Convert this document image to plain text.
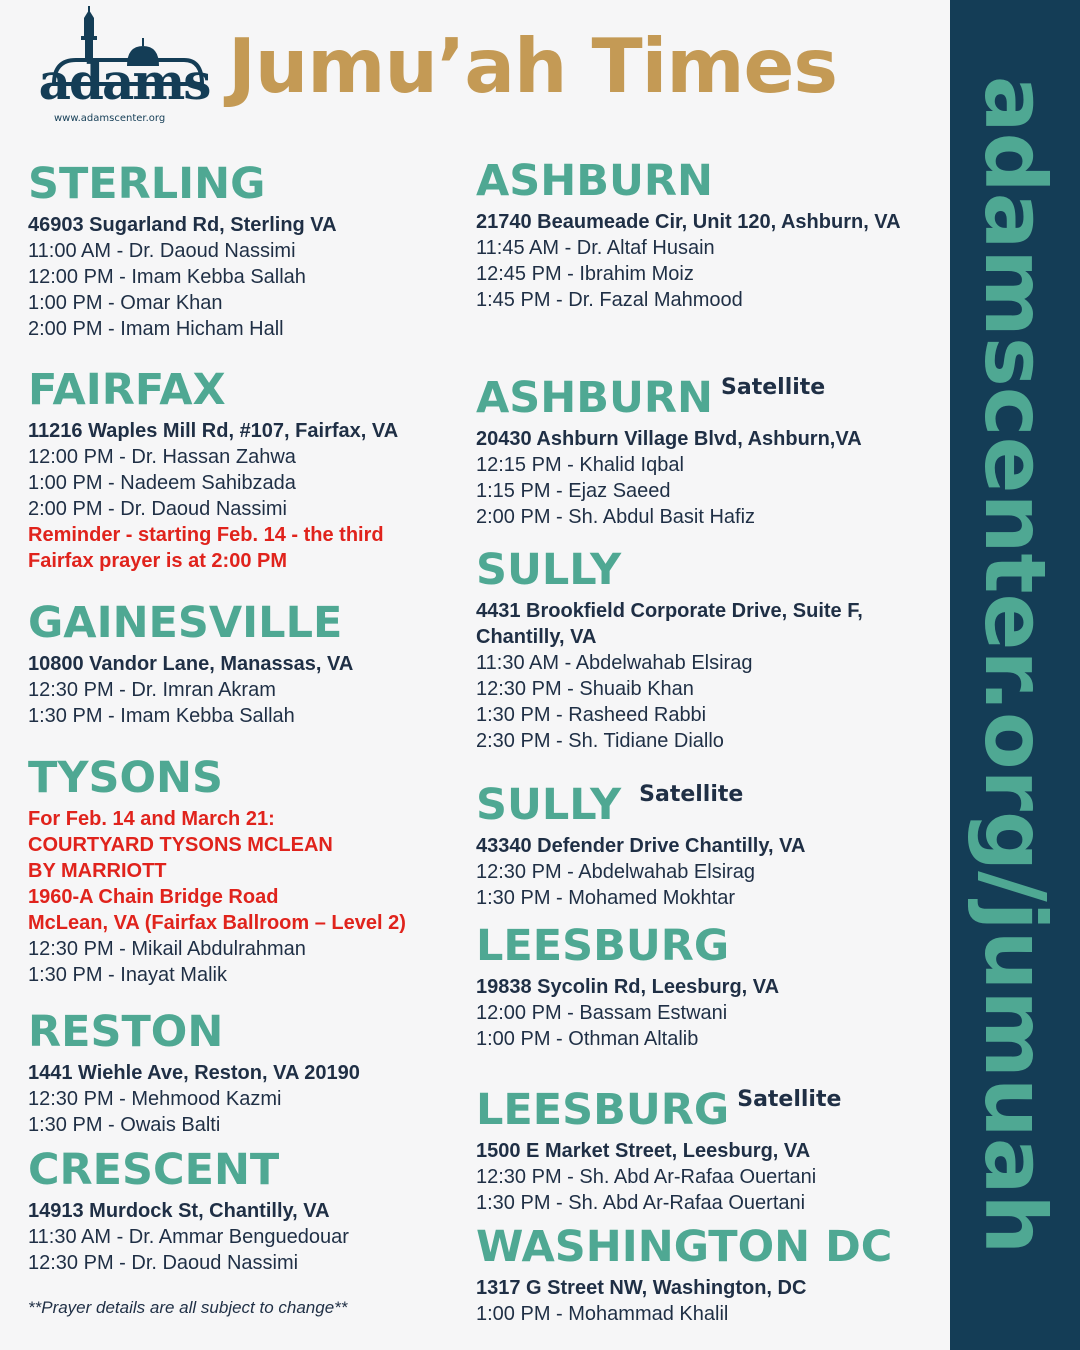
adamscenter.org/jumuah
adams
www.adamscenter.org
Jumu’ah Times
STERLING
46903 Sugarland Rd, Sterling VA
11:00 AM - Dr. Daoud Nassimi
12:00 PM - Imam Kebba Sallah
1:00 PM - Omar Khan
2:00 PM - Imam Hicham Hall
FAIRFAX
11216 Waples Mill Rd, #107, Fairfax, VA
12:00 PM - Dr. Hassan Zahwa
1:00 PM - Nadeem Sahibzada
2:00 PM - Dr. Daoud Nassimi
Reminder - starting Feb. 14 - the third
Fairfax prayer is at 2:00 PM
GAINESVILLE
10800 Vandor Lane, Manassas, VA
12:30 PM - Dr. Imran Akram
1:30 PM - Imam Kebba Sallah
TYSONS
For Feb. 14 and March 21:
COURTYARD TYSONS MCLEAN
BY MARRIOTT
1960-A Chain Bridge Road
McLean, VA (Fairfax Ballroom – Level 2)
12:30 PM - Mikail Abdulrahman
1:30 PM - Inayat Malik
RESTON
1441 Wiehle Ave, Reston, VA 20190
12:30 PM - Mehmood Kazmi
1:30 PM - Owais Balti
CRESCENT
14913 Murdock St, Chantilly, VA
11:30 AM - Dr. Ammar Benguedouar
12:30 PM - Dr. Daoud Nassimi
ASHBURN
21740 Beaumeade Cir, Unit 120, Ashburn, VA
11:45 AM - Dr. Altaf Husain
12:45 PM - Ibrahim Moiz
1:45 PM - Dr. Fazal Mahmood
ASHBURN $^{Satellite}$
20430 Ashburn Village Blvd, Ashburn,VA
12:15 PM - Khalid Iqbal
1:15 PM - Ejaz Saeed
2:00 PM - Sh. Abdul Basit Hafiz
SULLY
4431 Brookfield Corporate Drive, Suite F,
Chantilly, VA
11:30 AM - Abdelwahab Elsirag
12:30 PM - Shuaib Khan
1:30 PM - Rasheed Rabbi
2:30 PM - Sh. Tidiane Diallo
SULLY $^{Satellite}$
43340 Defender Drive Chantilly, VA
12:30 PM - Abdelwahab Elsirag
1:30 PM - Mohamed Mokhtar
LEESBURG
19838 Sycolin Rd, Leesburg, VA
12:00 PM - Bassam Estwani
1:00 PM - Othman Altalib
LEESBURG $^{Satellite}$
1500 E Market Street, Leesburg, VA
12:30 PM - Sh. Abd Ar-Rafaa Ouertani
1:30 PM - Sh. Abd Ar-Rafaa Ouertani
WASHINGTON DC
1317 G Street NW, Washington, DC
1:00 PM - Mohammad Khalil
**Prayer details are all subject to change**
